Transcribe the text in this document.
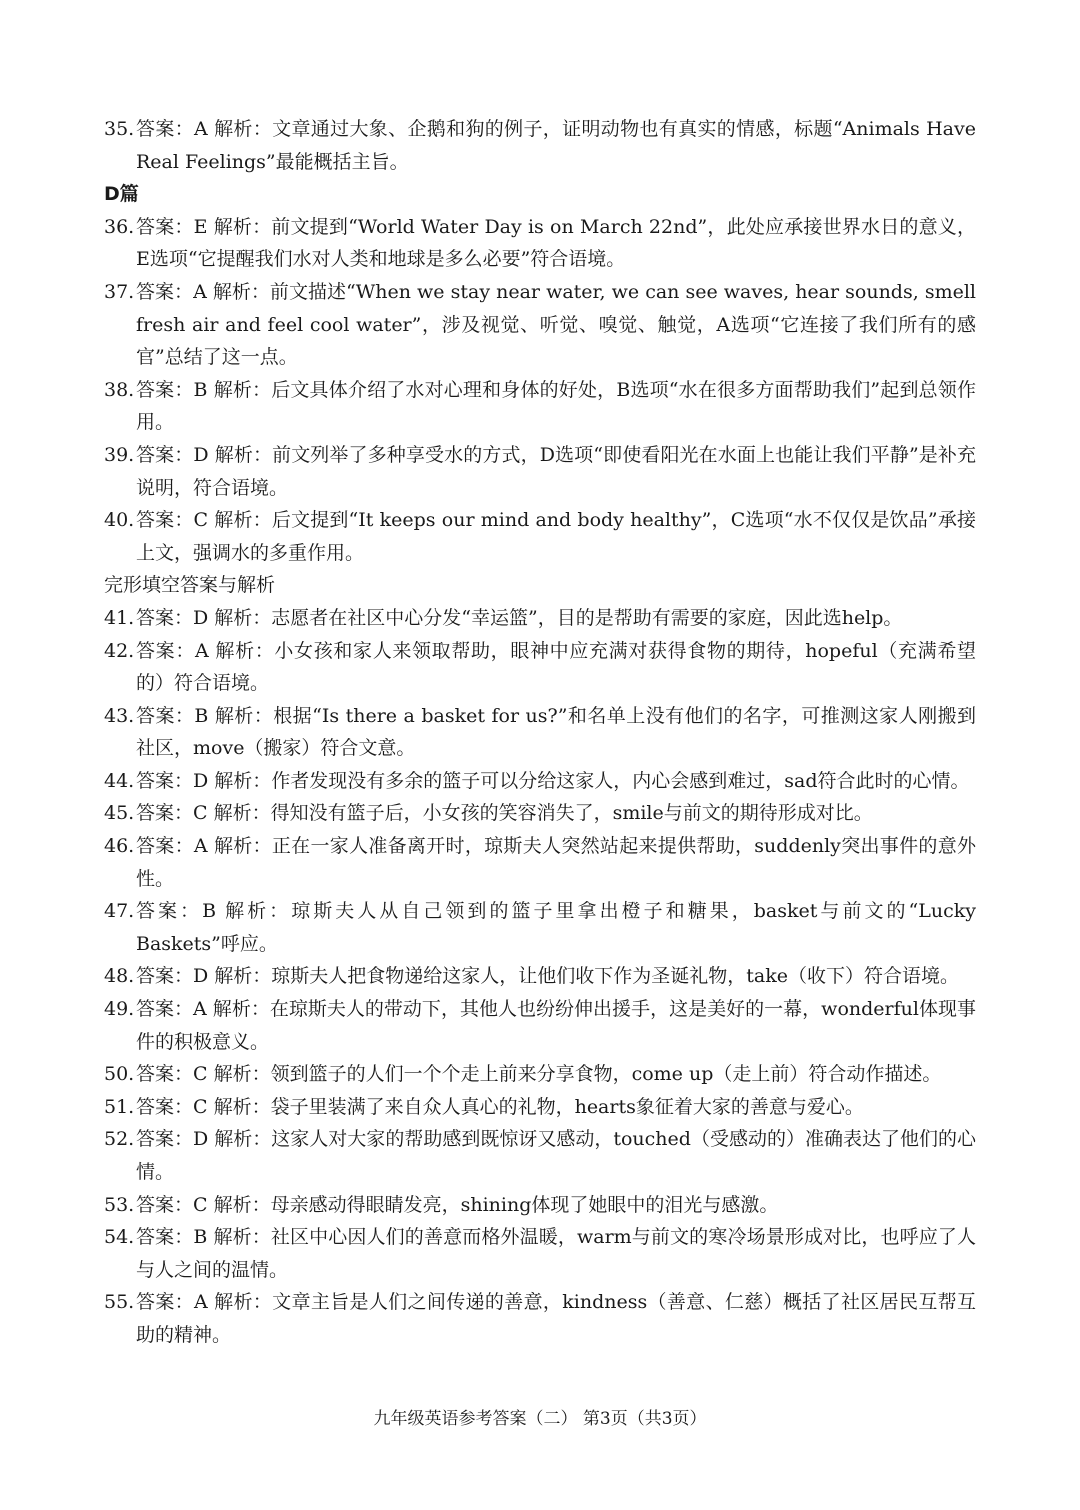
35. 答案：A 解析：文章通过大象、企鹅和狗的例子，证明动物也有真实的情感，标题“Animals Have Real Feelings”最能概括主旨。
D篇
36. 答案：E 解析：前文提到“World Water Day is on March 22nd”，此处应承接世界水日的意义，E选项“它提醒我们水对人类和地球是多么必要”符合语境。
37. 答案：A 解析：前文描述“When we stay near water, we can see waves, hear sounds, smell fresh air and feel cool water”，涉及视觉、听觉、嗅觉、触觉，A选项“它连接了我们所有的感官”总结了这一点。
38. 答案：B 解析：后文具体介绍了水对心理和身体的好处，B选项“水在很多方面帮助我们”起到总领作用。
39. 答案：D 解析：前文列举了多种享受水的方式，D选项“即使看阳光在水面上也能让我们平静”是补充说明，符合语境。
40. 答案：C 解析：后文提到“It keeps our mind and body healthy”，C选项“水不仅仅是饮品”承接上文，强调水的多重作用。
完形填空答案与解析
41. 答案：D 解析：志愿者在社区中心分发“幸运篮”，目的是帮助有需要的家庭，因此选help。
42. 答案：A 解析：小女孩和家人来领取帮助，眼神中应充满对获得食物的期待，hopeful（充满希望的）符合语境。
43. 答案：B 解析：根据“Is there a basket for us?”和名单上没有他们的名字，可推测这家人刚搬到社区，move（搬家）符合文意。
44. 答案：D 解析：作者发现没有多余的篮子可以分给这家人，内心会感到难过，sad符合此时的心情。
45. 答案：C 解析：得知没有篮子后，小女孩的笑容消失了，smile与前文的期待形成对比。
46. 答案：A 解析：正在一家人准备离开时，琼斯夫人突然站起来提供帮助，suddenly突出事件的意外性。
47. 答案：B 解析：琼斯夫人从自己领到的篮子里拿出橙子和糖果，basket与前文的“Lucky Baskets”呼应。
48. 答案：D 解析：琼斯夫人把食物递给这家人，让他们收下作为圣诞礼物，take（收下）符合语境。
49. 答案：A 解析：在琼斯夫人的带动下，其他人也纷纷伸出援手，这是美好的一幕，wonderful体现事件的积极意义。
50. 答案：C 解析：领到篮子的人们一个个走上前来分享食物，come up（走上前）符合动作描述。
51. 答案：C 解析：袋子里装满了来自众人真心的礼物，hearts象征着大家的善意与爱心。
52. 答案：D 解析：这家人对大家的帮助感到既惊讶又感动，touched（受感动的）准确表达了他们的心情。
53. 答案：C 解析：母亲感动得眼睛发亮，shining体现了她眼中的泪光与感激。
54. 答案：B 解析：社区中心因人们的善意而格外温暖，warm与前文的寒冷场景形成对比，也呼应了人与人之间的温情。
55. 答案：A 解析：文章主旨是人们之间传递的善意，kindness（善意、仁慈）概括了社区居民互帮互助的精神。
九年级英语参考答案（二） 第3页（共3页）
